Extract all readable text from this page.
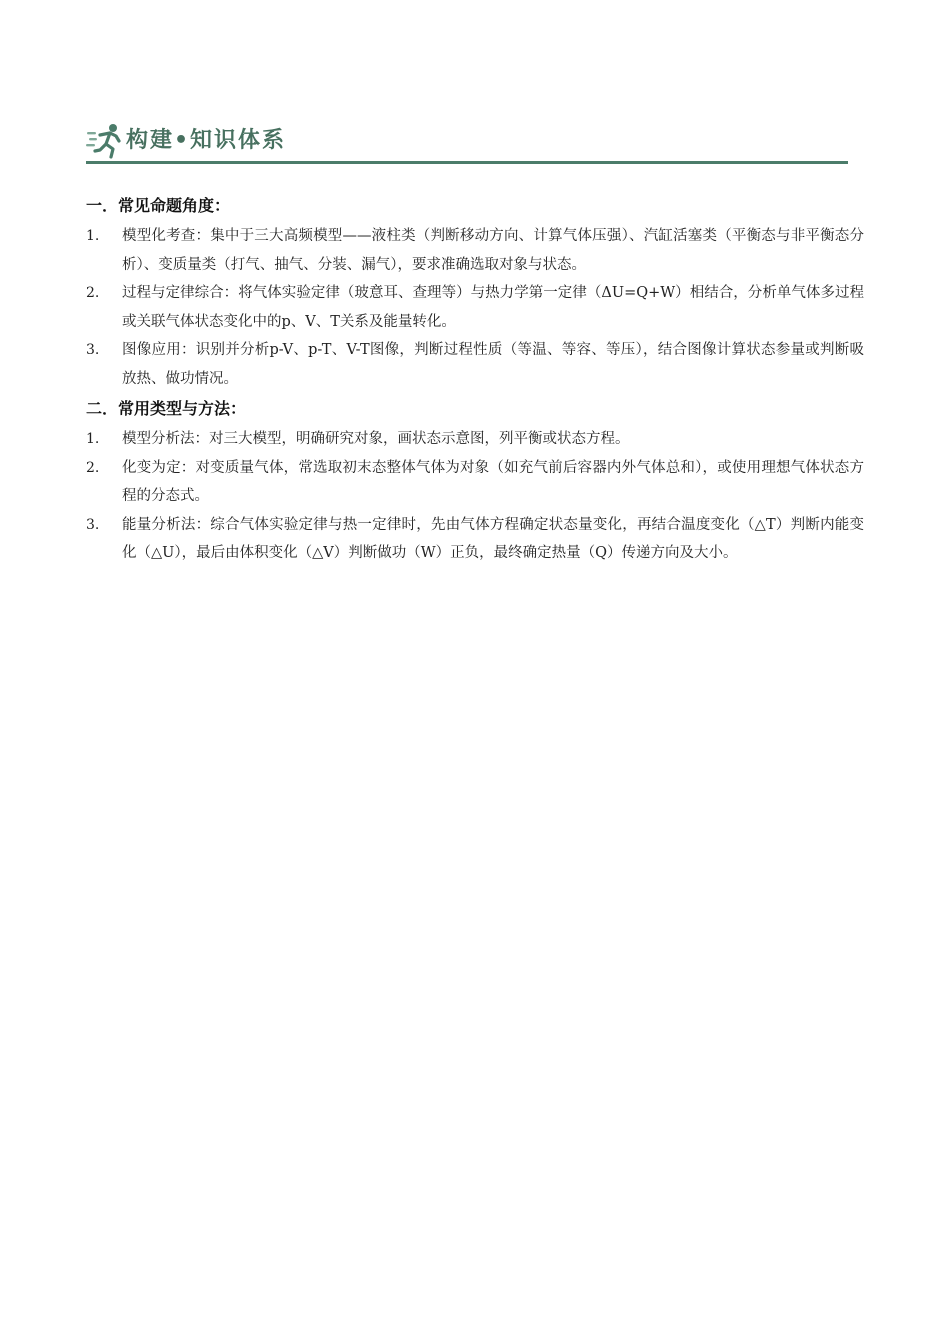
构建•知识体系
一．常见命题角度：
1. 模型化考查：集中于三大高频模型——液柱类（判断移动方向、计算气体压强）、汽缸活塞类（平衡态与非平衡态分析）、变质量类（打气、抽气、分装、漏气），要求准确选取对象与状态。
2. 过程与定律综合：将气体实验定律（玻意耳、查理等）与热力学第一定律（ΔU=Q+W）相结合，分析单气体多过程或关联气体状态变化中的p、V、T关系及能量转化。
3. 图像应用：识别并分析p-V、p-T、V-T图像，判断过程性质（等温、等容、等压），结合图像计算状态参量或判断吸放热、做功情况。
二．常用类型与方法：
1. 模型分析法：对三大模型，明确研究对象，画状态示意图，列平衡或状态方程。
2. 化变为定：对变质量气体，常选取初末态整体气体为对象（如充气前后容器内外气体总和），或使用理想气体状态方程的分态式。
3. 能量分析法：综合气体实验定律与热一定律时，先由气体方程确定状态量变化，再结合温度变化（△T）判断内能变化（△U），最后由体积变化（△V）判断做功（W）正负，最终确定热量（Q）传递方向及大小。
